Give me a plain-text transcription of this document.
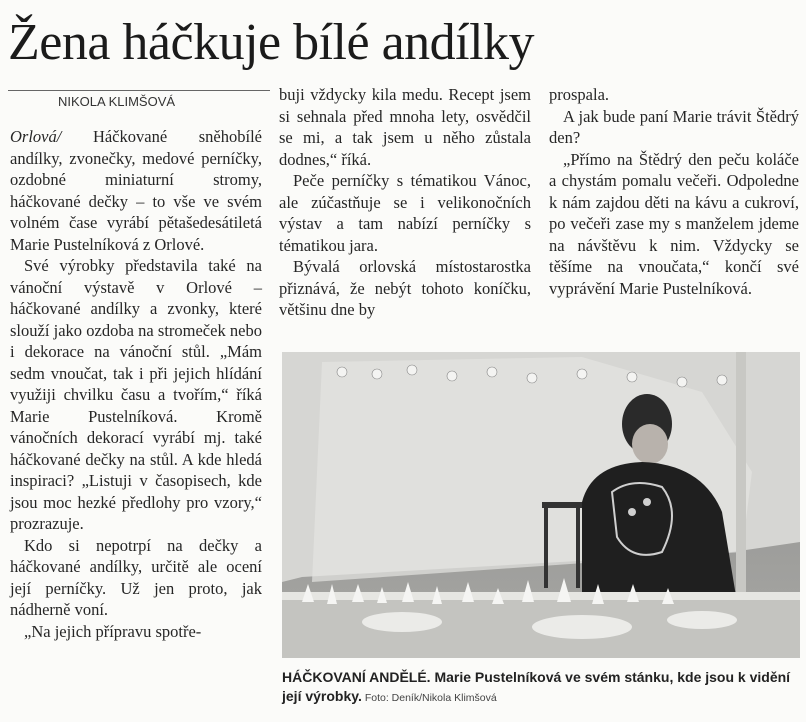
Žena háčkuje bílé andílky
NIKOLA KLIMŠOVÁ

Orlová/ Háčkované sněhobílé andílky, zvonečky, medové perníčky, ozdobné miniaturní stromy, háčkované dečky – to vše ve svém volném čase vyrábí pětašedesátiletá Marie Pustelníková z Orlové.

Své výrobky představila také na vánoční výstavě v Orlové – háčkované andílky a zvonky, které slouží jako ozdoba na stromeček nebo i dekorace na vánoční stůl. „Mám sedm vnoučat, tak i při jejich hlídání využiji chvilku času a tvořím,“ říká Marie Pustelníková. Kromě vánočních dekorací vyrábí mj. také háčkované dečky na stůl. A kde hledá inspiraci? „Listuji v časopisech, kde jsou moc hezké předlohy pro vzory,“ prozrazuje.

Kdo si nepotrpí na dečky a háčkované andílky, určitě ale ocení její perníčky. Už jen proto, jak nádherně voní.

„Na jejich přípravu spotře-

buji vždycky kila medu. Recept jsem si sehnala před mnoha lety, osvědčil se mi, a tak jsem u něho zůstala dodnes,“ říká.

Peče perníčky s tématikou Vánoc, ale zúčastňuje se i velikonočních výstav a tam nabízí perníčky s tématikou jara.

Bývalá orlovská místostarostka přiznává, že nebýt tohoto koníčku, většinu dne by

prospala.

A jak bude paní Marie trávit Štědrý den?

„Přímo na Štědrý den peču koláče a chystám pomalu večeři. Odpoledne k nám zajdou děti na kávu a cukroví, po večeři zase my s manželem jdeme na návštěvu k nim. Vždycky se těšíme na vnoučata,“ končí své vyprávění Marie Pustelníková.

HÁČKOVANÍ ANDĚLÉ. Marie Pustelníková ve svém stánku, kde jsou k vidění její výrobky. Foto: Deník/Nikola Klimšová
